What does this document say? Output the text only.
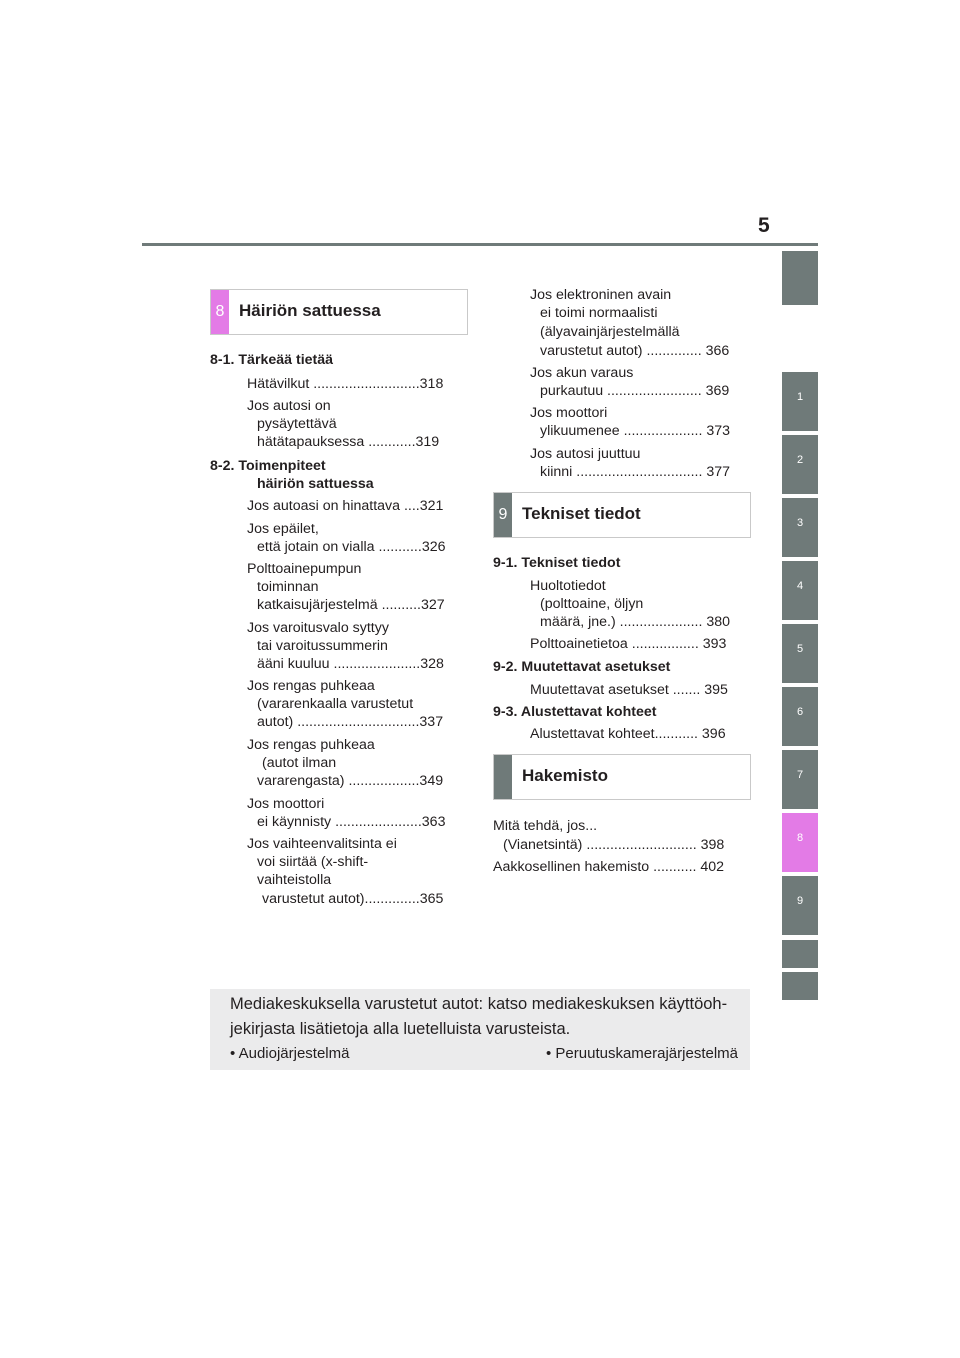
5
1
2
3
4
5
6
7
8
9
8 Häiriön sattuessa
8-1. Tärkeää tietää
Hätävilkut ...........................318
Jos autosi on
pysäytettävä
hätätapauksessa ............319
8-2. Toimenpiteet
häiriön sattuessa
Jos autoasi on hinattava ....321
Jos epäilet,
että jotain on vialla ...........326
Polttoainepumpun
toiminnan
katkaisujärjestelmä ..........327
Jos varoitusvalo syttyy
tai varoitussummerin
ääni kuuluu ......................328
Jos rengas puhkeaa
(vararenkaalla varustetut
autot) ...............................337
Jos rengas puhkeaa
(autot ilman
vararengasta) ..................349
Jos moottori
ei käynnisty ......................363
Jos vaihteenvalitsinta ei
voi siirtää (x-shift-
vaihteistolla
varustetut autot)..............365
Jos elektroninen avain
ei toimi normaalisti
(älyavainjärjestelmällä
varustetut autot) .............. 366
Jos akun varaus
purkautuu ........................ 369
Jos moottori
ylikuumenee .................... 373
Jos autosi juuttuu
kiinni ................................ 377
9 Tekniset tiedot
9-1. Tekniset tiedot
Huoltotiedot
(polttoaine, öljyn
määrä, jne.) ..................... 380
Polttoainetietoa ................. 393
9-2. Muutettavat asetukset
Muutettavat asetukset ....... 395
9-3. Alustettavat kohteet
Alustettavat kohteet........... 396
Hakemisto
Mitä tehdä, jos...
(Vianetsintä) ............................ 398
Aakkosellinen hakemisto ........... 402
Mediakeskuksella varustetut autot: katso mediakeskuksen käyttöoh-
jekirjasta lisätietoja alla luetelluista varusteista.
• Audiojärjestelmä	• Peruutuskamerajärjestelmä
